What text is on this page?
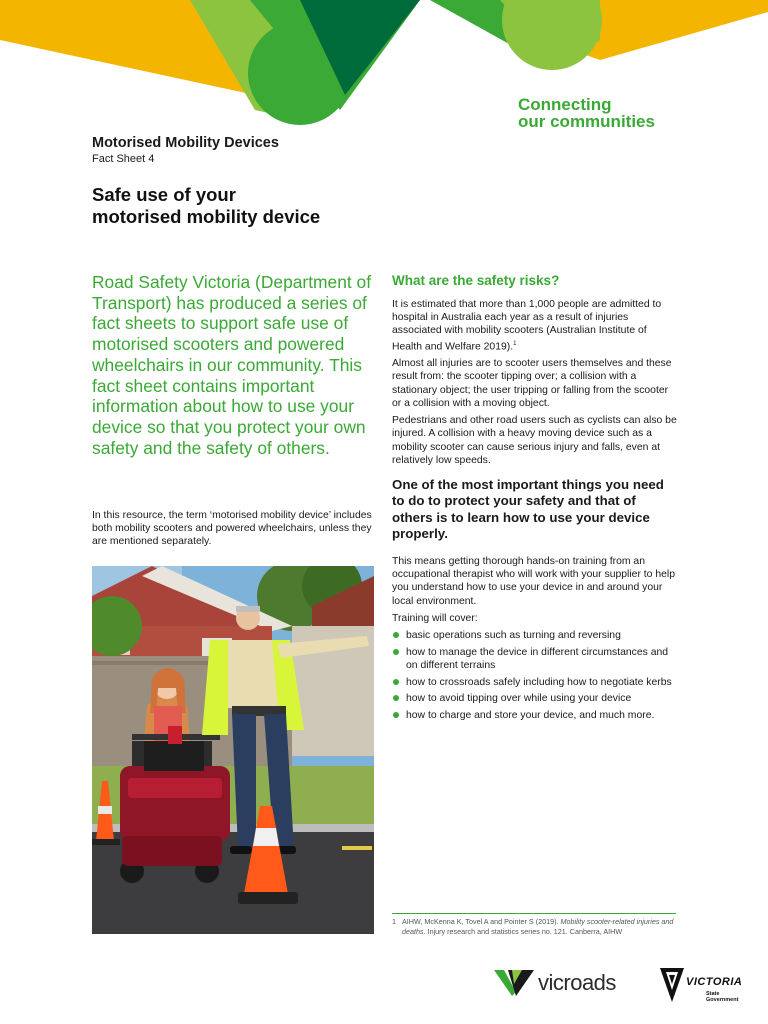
Connecting
our communities
Motorised Mobility Devices
Fact Sheet 4
Safe use of your
motorised mobility device
Road Safety Victoria (Department of Transport) has produced a series of fact sheets to support safe use of motorised scooters and powered wheelchairs in our community. This fact sheet contains important information about how to use your device so that you protect your own safety and the safety of others.
In this resource, the term ‘motorised mobility device’ includes both mobility scooters and powered wheelchairs, unless they are mentioned separately.
What are the safety risks?

It is estimated that more than 1,000 people are admitted to hospital in Australia each year as a result of injuries associated with mobility scooters (Australian Institute of Health and Welfare 2019).$^1$

Almost all injuries are to scooter users themselves and these result from: the scooter tipping over; a collision with a stationary object; the user tripping or falling from the scooter or a collision with a moving object.

Pedestrians and other road users such as cyclists can also be injured. A collision with a heavy moving device such as a mobility scooter can cause serious injury and falls, even at relatively low speeds.

One of the most important things you need to do to protect your safety and that of others is to learn how to use your device properly.

This means getting thorough hands-on training from an occupational therapist who will work with your supplier to help you understand how to use your device in and around your local environment.

Training will cover:

basic operations such as turning and reversing
how to manage the device in different circumstances and on different terrains
how to crossroads safely including how to negotiate kerbs
how to avoid tipping over while using your device
how to charge and store your device, and much more.
1 AIHW, McKenna K, Tovel A and Pointer S (2019). Mobility scooter-related injuries and deaths. Injury research and statistics series no. 121. Canberra, AIHW
vicroads	VICTORIA
State
Government
